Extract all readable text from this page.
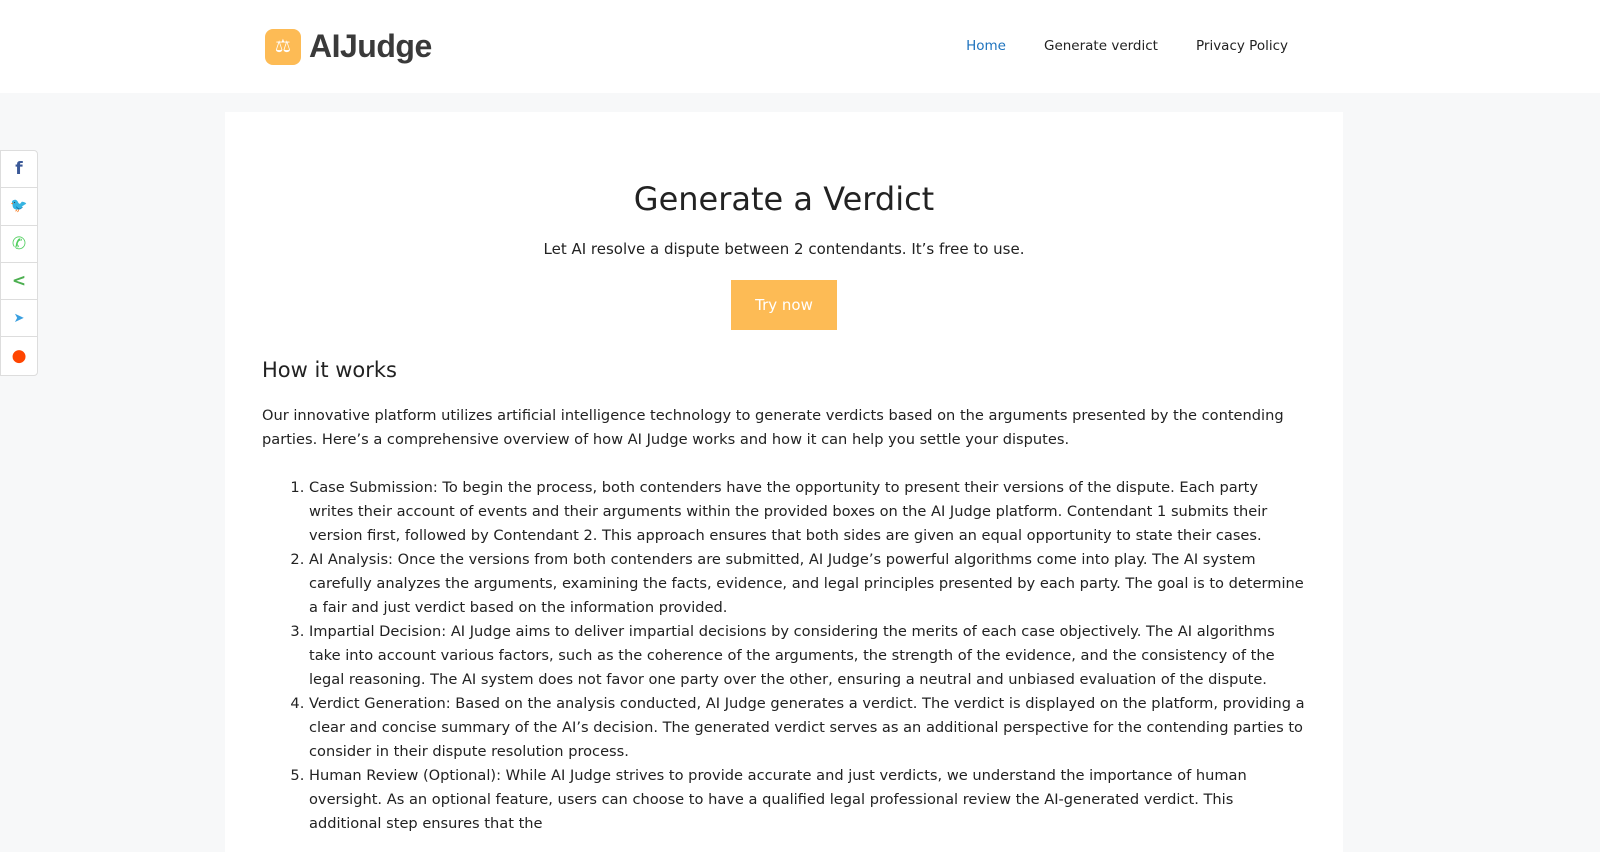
⚖ AIJudge	Home	Generate verdict	Privacy Policy
f
🐦
✆
<
➤
●
Generate a Verdict

Let AI resolve a dispute between 2 contendants. It’s free to use.

Try now
How it works

Our innovative platform utilizes artificial intelligence technology to generate verdicts based on the arguments presented by the contending parties. Here’s a comprehensive overview of how AI Judge works and how it can help you settle your disputes.

1. Case Submission: To begin the process, both contenders have the opportunity to present their versions of the dispute. Each party writes their account of events and their arguments within the provided boxes on the AI Judge platform. Contendant 1 submits their version first, followed by Contendant 2. This approach ensures that both sides are given an equal opportunity to state their cases.
2. AI Analysis: Once the versions from both contenders are submitted, AI Judge’s powerful algorithms come into play. The AI system carefully analyzes the arguments, examining the facts, evidence, and legal principles presented by each party. The goal is to determine a fair and just verdict based on the information provided.
3. Impartial Decision: AI Judge aims to deliver impartial decisions by considering the merits of each case objectively. The AI algorithms take into account various factors, such as the coherence of the arguments, the strength of the evidence, and the consistency of the legal reasoning. The AI system does not favor one party over the other, ensuring a neutral and unbiased evaluation of the dispute.
4. Verdict Generation: Based on the analysis conducted, AI Judge generates a verdict. The verdict is displayed on the platform, providing a clear and concise summary of the AI’s decision. The generated verdict serves as an additional perspective for the contending parties to consider in their dispute resolution process.
5. Human Review (Optional): While AI Judge strives to provide accurate and just verdicts, we understand the importance of human oversight. As an optional feature, users can choose to have a qualified legal professional review the AI-generated verdict. This additional step ensures that the
